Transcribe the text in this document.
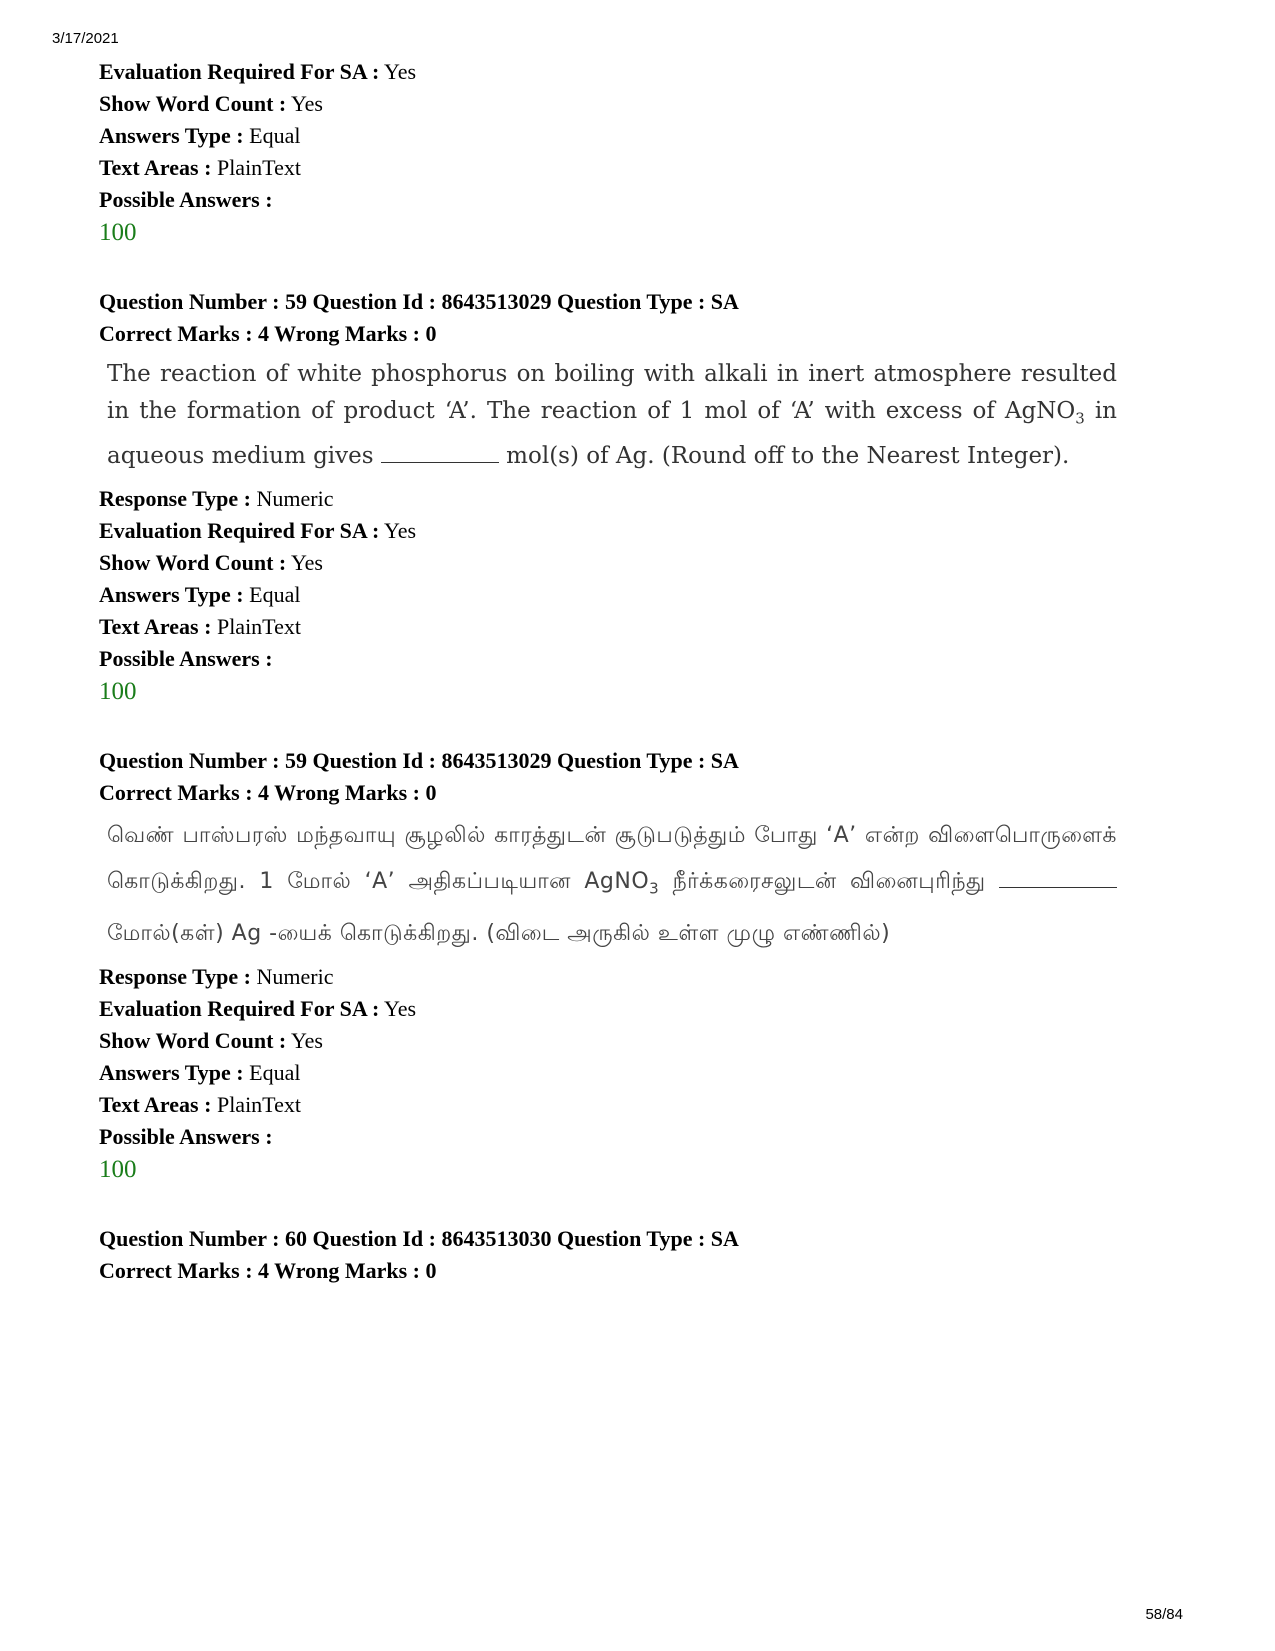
3/17/2021
Evaluation Required For SA : Yes
Show Word Count : Yes
Answers Type : Equal
Text Areas : PlainText
Possible Answers :
100
Question Number : 59 Question Id : 8643513029 Question Type : SA
Correct Marks : 4 Wrong Marks : 0
The reaction of white phosphorus on boiling with alkali in inert atmosphere resulted in the formation of product ‘A’. The reaction of 1 mol of ‘A’ with excess of AgNO$_3$ in aqueous medium gives	mol(s) of Ag. (Round off to the Nearest Integer).
Response Type : Numeric
Evaluation Required For SA : Yes
Show Word Count : Yes
Answers Type : Equal
Text Areas : PlainText
Possible Answers :
100
Question Number : 59 Question Id : 8643513029 Question Type : SA
Correct Marks : 4 Wrong Marks : 0
வெண் பாஸ்பரஸ் மந்தவாயு சூழலில் காரத்துடன் சூடுபடுத்தும் போது ‘A’ என்ற விளைபொருளைக் கொடுக்கிறது. 1 மோல் ‘A’ அதிகப்படியான AgNO$_3$ நீர்க்கரைசலுடன் வினைபுரிந்து  மோல்(கள்) Ag -யைக் கொடுக்கிறது. (விடை அருகில் உள்ள முழு எண்ணில்)
Response Type : Numeric
Evaluation Required For SA : Yes
Show Word Count : Yes
Answers Type : Equal
Text Areas : PlainText
Possible Answers :
100
Question Number : 60 Question Id : 8643513030 Question Type : SA
Correct Marks : 4 Wrong Marks : 0
58/84
